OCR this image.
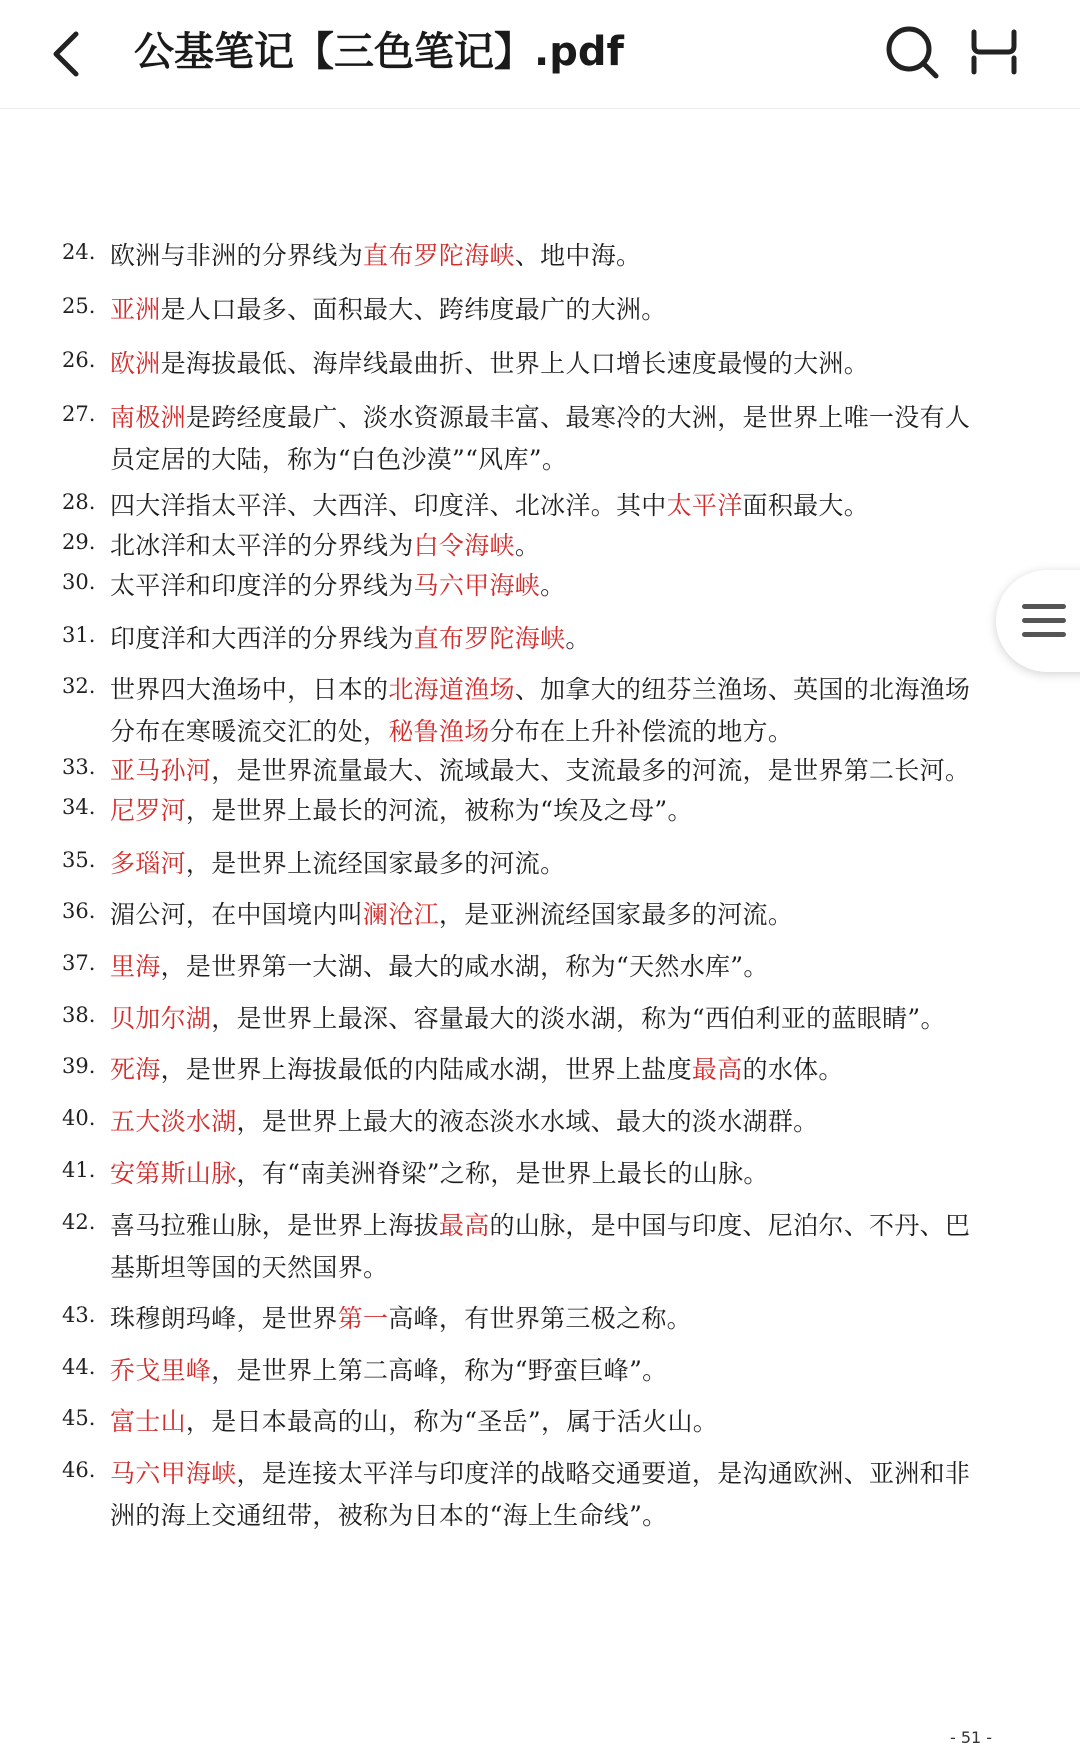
公基笔记【三色笔记】.pdf
24. 欧洲与非洲的分界线为直布罗陀海峡、地中海。
25. 亚洲是人口最多、面积最大、跨纬度最广的大洲。
26. 欧洲是海拔最低、海岸线最曲折、世界上人口增长速度最慢的大洲。
27. 南极洲是跨经度最广、淡水资源最丰富、最寒冷的大洲，是世界上唯一没有人
员定居的大陆，称为“白色沙漠”“风库”。
28. 四大洋指太平洋、大西洋、印度洋、北冰洋。其中太平洋面积最大。
29. 北冰洋和太平洋的分界线为白令海峡。
30. 太平洋和印度洋的分界线为马六甲海峡。
31. 印度洋和大西洋的分界线为直布罗陀海峡。
32. 世界四大渔场中，日本的北海道渔场、加拿大的纽芬兰渔场、英国的北海渔场
分布在寒暖流交汇的处，秘鲁渔场分布在上升补偿流的地方。
33. 亚马孙河，是世界流量最大、流域最大、支流最多的河流，是世界第二长河。
34. 尼罗河，是世界上最长的河流，被称为“埃及之母”。
35. 多瑙河，是世界上流经国家最多的河流。
36. 湄公河，在中国境内叫澜沧江，是亚洲流经国家最多的河流。
37. 里海，是世界第一大湖、最大的咸水湖，称为“天然水库”。
38. 贝加尔湖，是世界上最深、容量最大的淡水湖，称为“西伯利亚的蓝眼睛”。
39. 死海，是世界上海拔最低的内陆咸水湖，世界上盐度最高的水体。
40. 五大淡水湖，是世界上最大的液态淡水水域、最大的淡水湖群。
41. 安第斯山脉，有“南美洲脊梁”之称，是世界上最长的山脉。
42. 喜马拉雅山脉，是世界上海拔最高的山脉，是中国与印度、尼泊尔、不丹、巴
基斯坦等国的天然国界。
43. 珠穆朗玛峰，是世界第一高峰，有世界第三极之称。
44. 乔戈里峰，是世界上第二高峰，称为“野蛮巨峰”。
45. 富士山，是日本最高的山，称为“圣岳”，属于活火山。
46. 马六甲海峡，是连接太平洋与印度洋的战略交通要道，是沟通欧洲、亚洲和非
洲的海上交通纽带，被称为日本的“海上生命线”。
- 51 -
